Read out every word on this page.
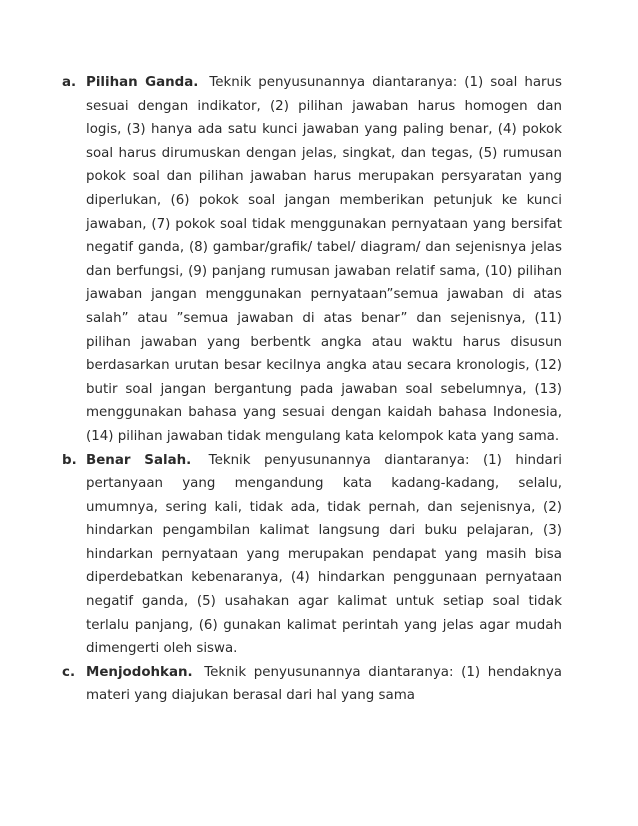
a. Pilihan Ganda. Teknik penyusunannya diantaranya: (1) soal harus sesuai dengan indikator, (2) pilihan jawaban harus homogen dan logis, (3) hanya ada satu kunci jawaban yang paling benar, (4) pokok soal harus dirumuskan dengan jelas, singkat, dan tegas, (5) rumusan pokok soal dan pilihan jawaban harus merupakan persyaratan yang diperlukan, (6) pokok soal jangan memberikan petunjuk ke kunci jawaban, (7) pokok soal tidak menggunakan pernyataan yang bersifat negatif ganda, (8) gambar/grafik/ tabel/ diagram/ dan sejenisnya jelas dan berfungsi, (9) panjang rumusan jawaban relatif sama, (10) pilihan jawaban jangan menggunakan pernyataan”semua jawaban di atas salah” atau ”semua jawaban di atas benar” dan sejenisnya, (11) pilihan jawaban yang berbentk angka atau waktu harus disusun berdasarkan urutan besar kecilnya angka atau secara kronologis, (12) butir soal jangan bergantung pada jawaban soal sebelumnya, (13) menggunakan bahasa yang sesuai dengan kaidah bahasa Indonesia, (14) pilihan jawaban tidak mengulang kata kelompok kata yang sama.
b. Benar Salah. Teknik penyusunannya diantaranya: (1) hindari pertanyaan yang mengandung kata kadang-kadang, selalu, umumnya, sering kali, tidak ada, tidak pernah, dan sejenisnya, (2) hindarkan pengambilan kalimat langsung dari buku pelajaran, (3) hindarkan pernyataan yang merupakan pendapat yang masih bisa diperdebatkan kebenaranya, (4) hindarkan penggunaan pernyataan negatif ganda, (5) usahakan agar kalimat untuk setiap soal tidak terlalu panjang, (6) gunakan kalimat perintah yang jelas agar mudah dimengerti oleh siswa.
c. Menjodohkan. Teknik penyusunannya diantaranya: (1) hendaknya materi yang diajukan berasal dari hal yang sama
